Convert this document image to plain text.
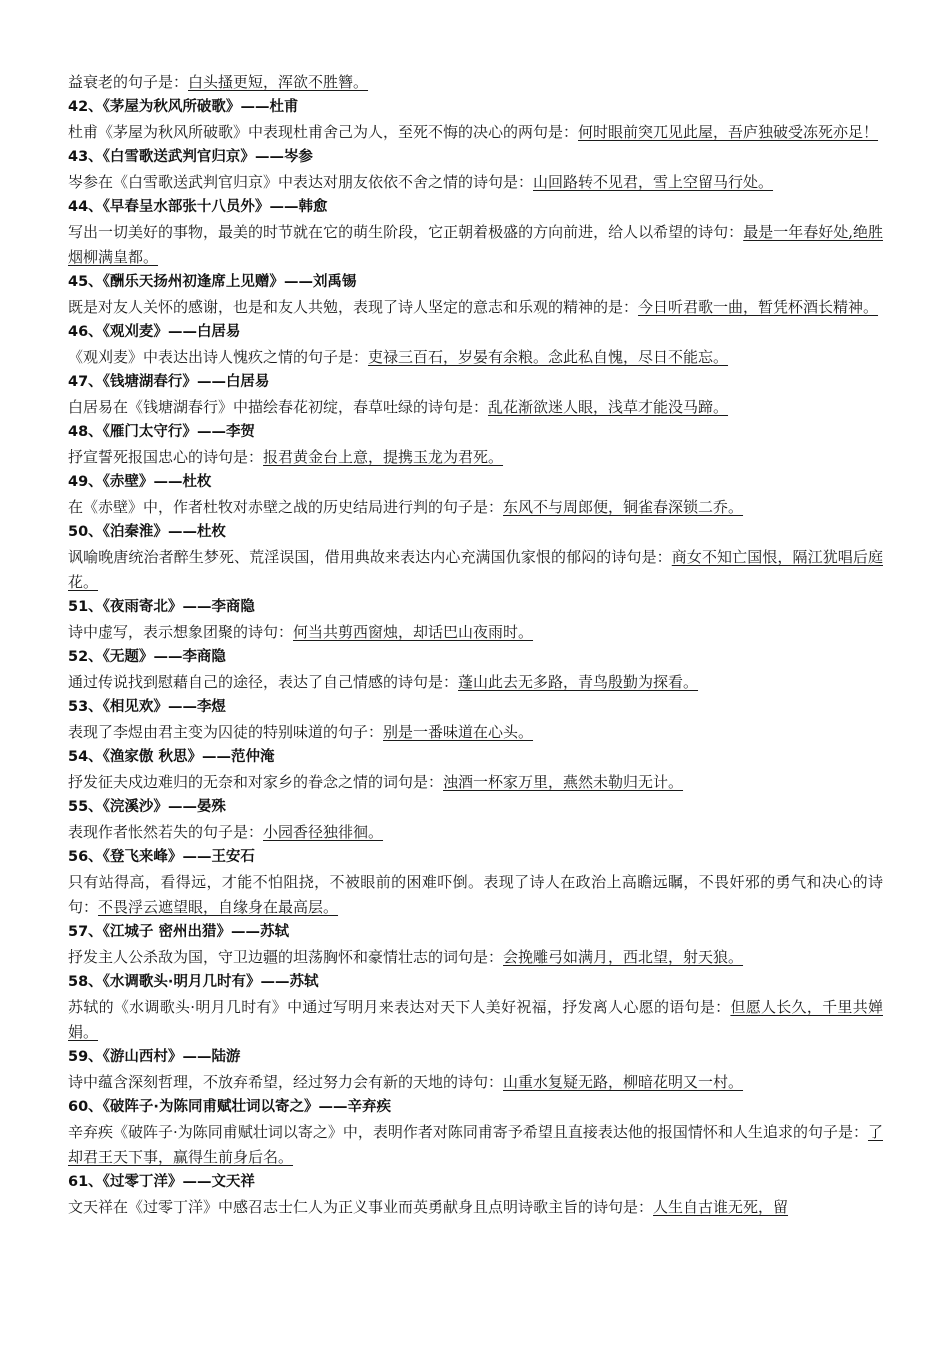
益衰老的句子是：白头搔更短，浑欲不胜簪。
42、《茅屋为秋风所破歌》——杜甫
杜甫《茅屋为秋风所破歌》中表现杜甫舍己为人，至死不悔的决心的两句是：何时眼前突兀见此屋，吾庐独破受冻死亦足！
43、《白雪歌送武判官归京》——岑参
岑参在《白雪歌送武判官归京》中表达对朋友依依不舍之情的诗句是：山回路转不见君，雪上空留马行处。
44、《早春呈水部张十八员外》——韩愈
写出一切美好的事物，最美的时节就在它的萌生阶段，它正朝着极盛的方向前进，给人以希望的诗句：最是一年春好处,绝胜烟柳满皇都。
45、《酬乐天扬州初逢席上见赠》——刘禹锡
既是对友人关怀的感谢，也是和友人共勉，表现了诗人坚定的意志和乐观的精神的是：今日听君歌一曲，暂凭杯酒长精神。
46、《观刈麦》——白居易
《观刈麦》中表达出诗人愧疚之情的句子是：吏禄三百石，岁晏有余粮。念此私自愧，尽日不能忘。
47、《钱塘湖春行》——白居易
白居易在《钱塘湖春行》中描绘春花初绽，春草吐绿的诗句是：乱花渐欲迷人眼，浅草才能没马蹄。
48、《雁门太守行》——李贺
抒宣誓死报国忠心的诗句是：报君黄金台上意，提携玉龙为君死。
49、《赤壁》——杜枚
在《赤壁》中，作者杜牧对赤壁之战的历史结局进行判的句子是：东风不与周郎便，铜雀春深锁二乔。
50、《泊秦淮》——杜枚
讽喻晚唐统治者醉生梦死、荒淫误国，借用典故来表达内心充满国仇家恨的郁闷的诗句是：商女不知亡国恨，隔江犹唱后庭花。
51、《夜雨寄北》——李商隐
诗中虚写，表示想象团聚的诗句：何当共剪西窗烛，却话巴山夜雨时。
52、《无题》——李商隐
通过传说找到慰藉自己的途径，表达了自己情感的诗句是：蓬山此去无多路，青鸟殷勤为探看。
53、《相见欢》——李煜
表现了李煜由君主变为囚徒的特别味道的句子：别是一番味道在心头。
54、《渔家傲 秋思》——范仲淹
抒发征夫戍边难归的无奈和对家乡的眷念之情的词句是：浊酒一杯家万里，燕然未勒归无计。
55、《浣溪沙》——晏殊
表现作者怅然若失的句子是：小园香径独徘徊。
56、《登飞来峰》——王安石
只有站得高，看得远，才能不怕阻挠，不被眼前的困难吓倒。表现了诗人在政治上高瞻远瞩，不畏奸邪的勇气和决心的诗句：不畏浮云遮望眼，自缘身在最高层。
57、《江城子 密州出猎》——苏轼
抒发主人公杀敌为国，守卫边疆的坦荡胸怀和豪情壮志的词句是：会挽雕弓如满月，西北望，射天狼。
58、《水调歌头·明月几时有》——苏轼
苏轼的《水调歌头·明月几时有》中通过写明月来表达对天下人美好祝福，抒发离人心愿的语句是：但愿人长久，千里共婵娟。
59、《游山西村》——陆游
诗中蕴含深刻哲理，不放弃希望，经过努力会有新的天地的诗句：山重水复疑无路，柳暗花明又一村。
60、《破阵子·为陈同甫赋壮词以寄之》——辛弃疾
辛弃疾《破阵子·为陈同甫赋壮词以寄之》中，表明作者对陈同甫寄予希望且直接表达他的报国情怀和人生追求的句子是：了却君王天下事，赢得生前身后名。
61、《过零丁洋》——文天祥
文天祥在《过零丁洋》中感召志士仁人为正义事业而英勇献身且点明诗歌主旨的诗句是：人生自古谁无死，留
